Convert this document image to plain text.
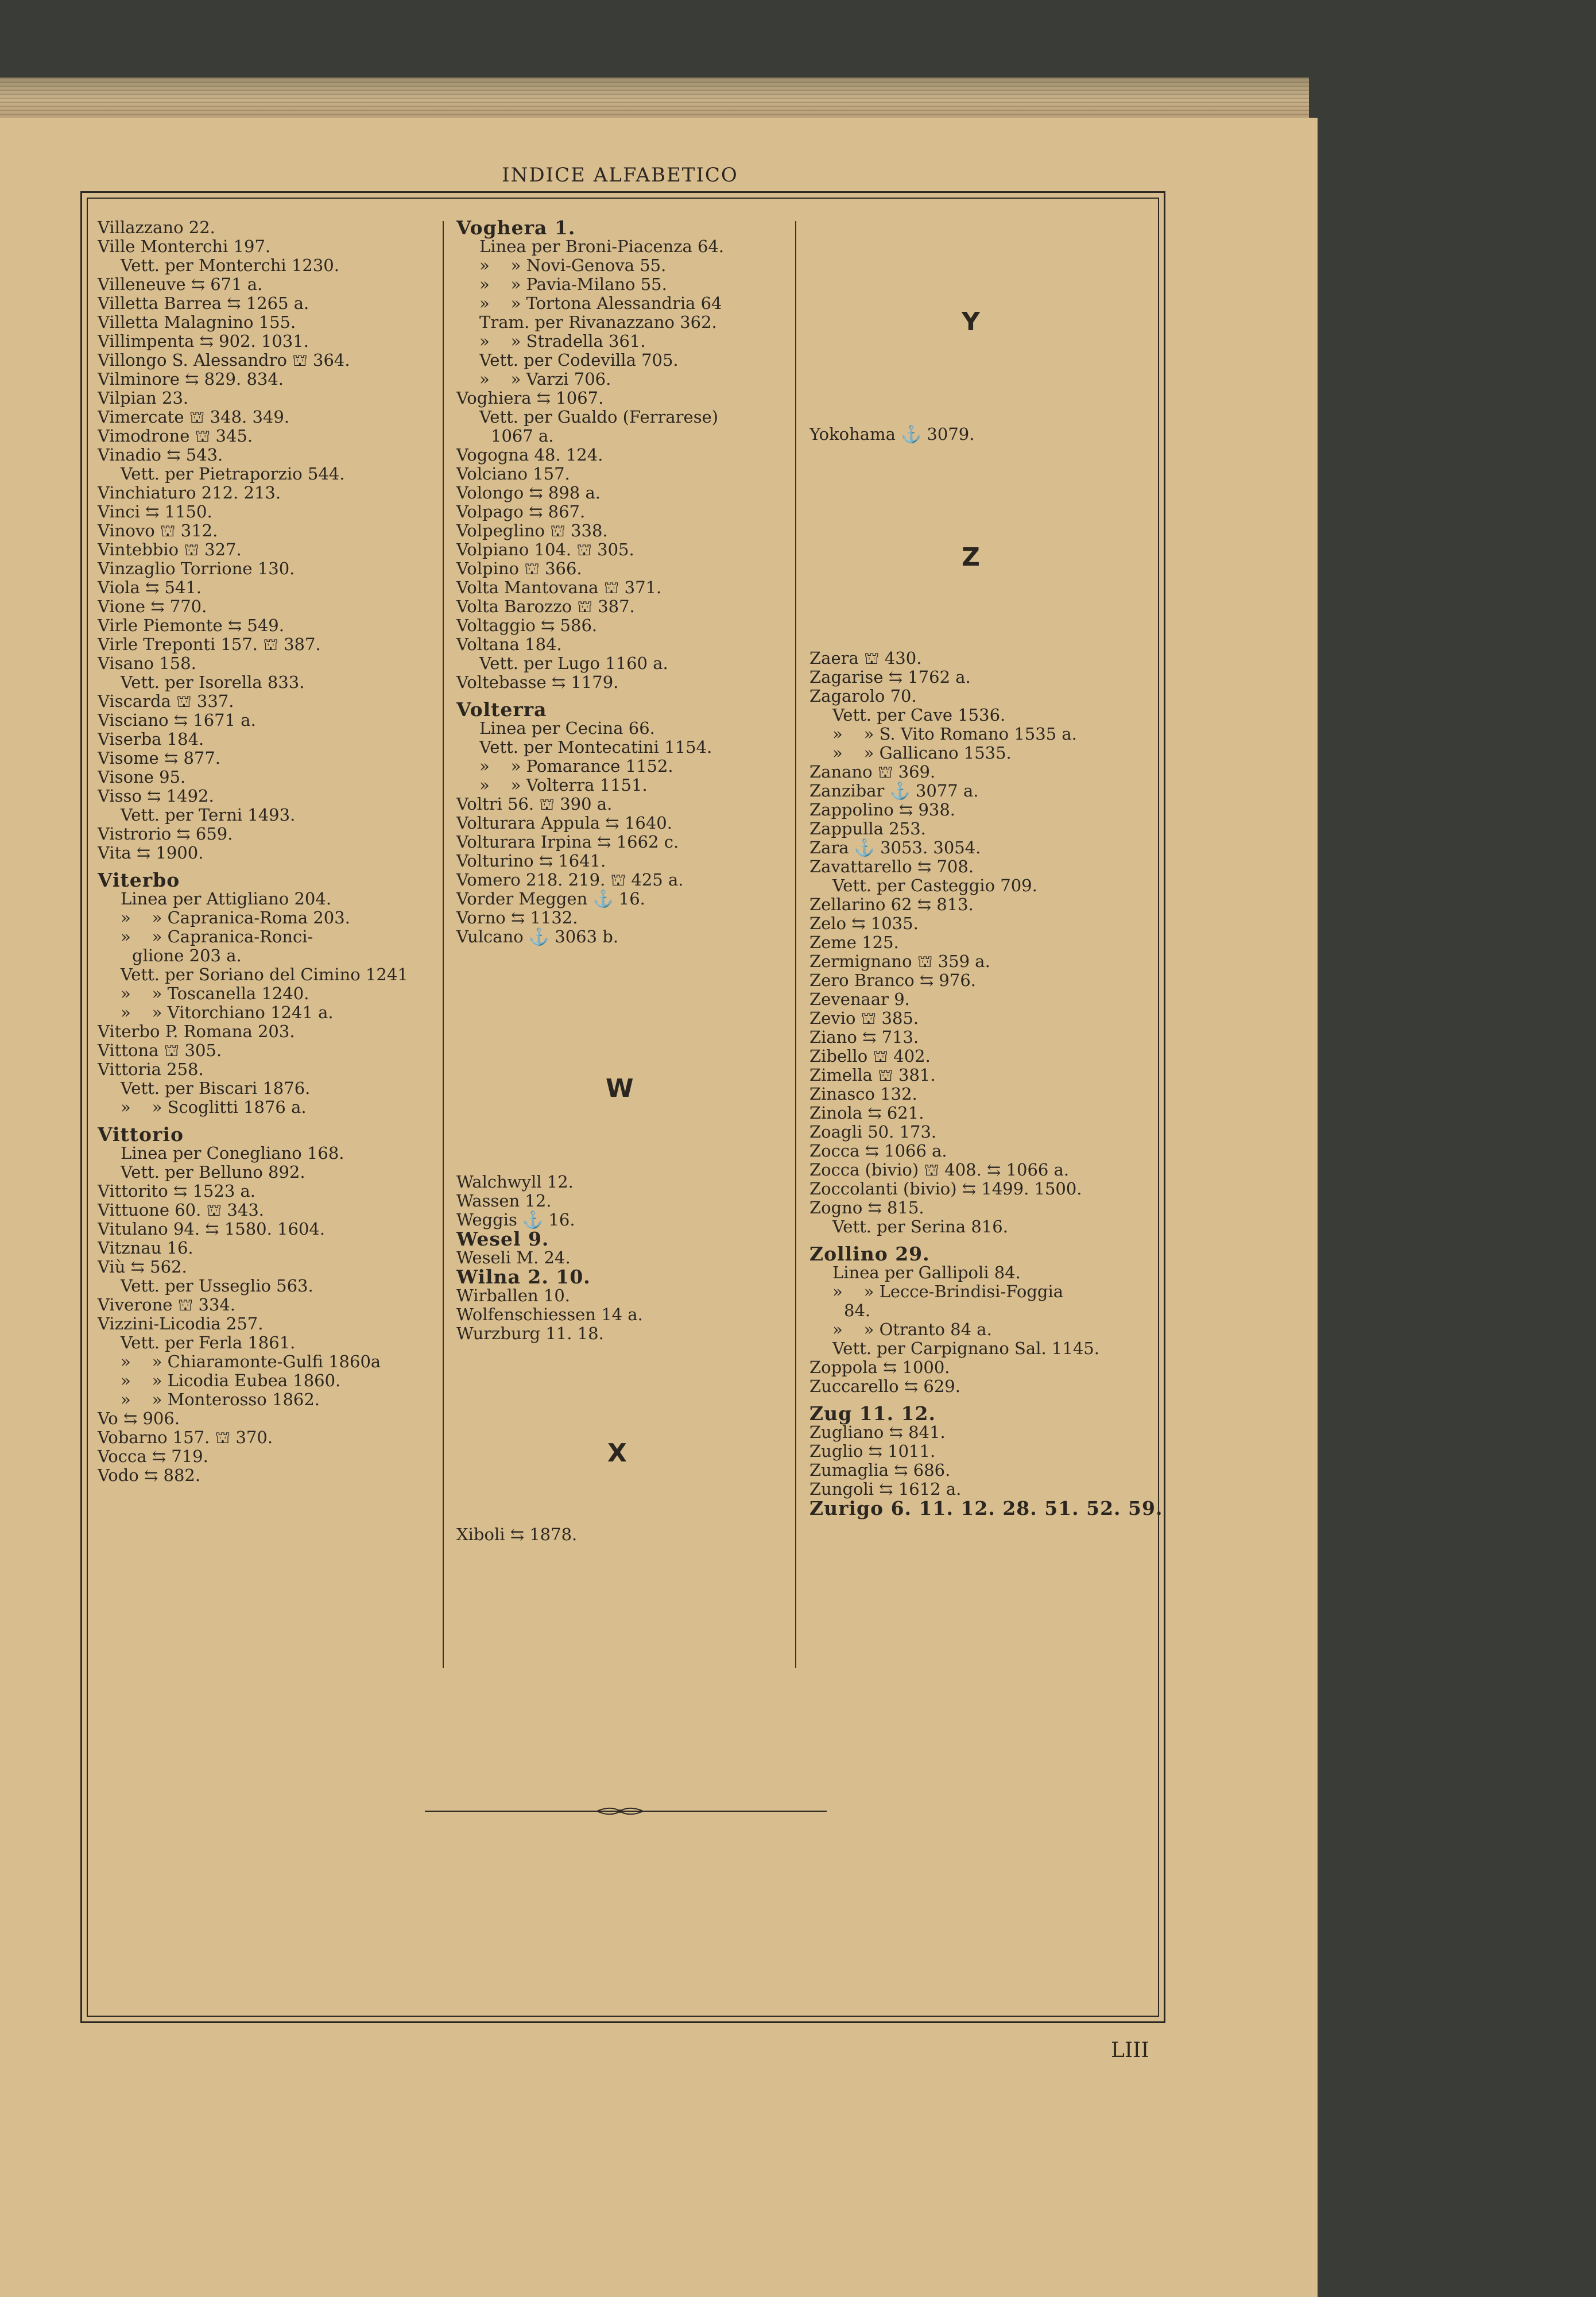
INDICE ALFABETICO
Villazzano 22.
Ville Monterchi 197.
Vett. per Monterchi 1230.
Villeneuve ⇆ 671 a.
Villetta Barrea ⇆ 1265 a.
Villetta Malagnino 155.
Villimpenta ⇆ 902. 1031.
Villongo S. Alessandro ⛫ 364.
Vilminore ⇆ 829. 834.
Vilpian 23.
Vimercate ⛫ 348. 349.
Vimodrone ⛫ 345.
Vinadio ⇆ 543.
Vett. per Pietraporzio 544.
Vinchiaturo 212. 213.
Vinci ⇆ 1150.
Vinovo ⛫ 312.
Vintebbio ⛫ 327.
Vinzaglio Torrione 130.
Viola ⇆ 541.
Vione ⇆ 770.
Virle Piemonte ⇆ 549.
Virle Treponti 157. ⛫ 387.
Visano 158.
Vett. per Isorella 833.
Viscarda ⛫ 337.
Visciano ⇆ 1671 a.
Viserba 184.
Visome ⇆ 877.
Visone 95.
Visso ⇆ 1492.
Vett. per Terni 1493.
Vistrorio ⇆ 659.
Vita ⇆ 1900.
Viterbo
Linea per Attigliano 204.
»    » Capranica-Roma 203.
»    » Capranica-Ronci-
glione 203 a.
Vett. per Soriano del Cimino 1241
»    » Toscanella 1240.
»    » Vitorchiano 1241 a.
Viterbo P. Romana 203.
Vittona ⛫ 305.
Vittoria 258.
Vett. per Biscari 1876.
»    » Scoglitti 1876 a.
Vittorio
Linea per Conegliano 168.
Vett. per Belluno 892.
Vittorito ⇆ 1523 a.
Vittuone 60. ⛫ 343.
Vitulano 94. ⇆ 1580. 1604.
Vitznau 16.
Viù ⇆ 562.
Vett. per Usseglio 563.
Viverone ⛫ 334.
Vizzini-Licodia 257.
Vett. per Ferla 1861.
»    » Chiaramonte-Gulfi 1860a
»    » Licodia Eubea 1860.
»    » Monterosso 1862.
Vo ⇆ 906.
Vobarno 157. ⛫ 370.
Vocca ⇆ 719.
Vodo ⇆ 882.
Voghera 1.
Linea per Broni-Piacenza 64.
»    » Novi-Genova 55.
»    » Pavia-Milano 55.
»    » Tortona Alessandria 64
Tram. per Rivanazzano 362.
»    » Stradella 361.
Vett. per Codevilla 705.
»    » Varzi 706.
Voghiera ⇆ 1067.
Vett. per Gualdo (Ferrarese)
1067 a.
Vogogna 48. 124.
Volciano 157.
Volongo ⇆ 898 a.
Volpago ⇆ 867.
Volpeglino ⛫ 338.
Volpiano 104. ⛫ 305.
Volpino ⛫ 366.
Volta Mantovana ⛫ 371.
Volta Barozzo ⛫ 387.
Voltaggio ⇆ 586.
Voltana 184.
Vett. per Lugo 1160 a.
Voltebasse ⇆ 1179.
Volterra
Linea per Cecina 66.
Vett. per Montecatini 1154.
»    » Pomarance 1152.
»    » Volterra 1151.
Voltri 56. ⛫ 390 a.
Volturara Appula ⇆ 1640.
Volturara Irpina ⇆ 1662 c.
Volturino ⇆ 1641.
Vomero 218. 219. ⛫ 425 a.
Vorder Meggen ⚓ 16.
Vorno ⇆ 1132.
Vulcano ⚓ 3063 b.
W
Walchwyll 12.
Wassen 12.
Weggis ⚓ 16.
Wesel 9.
Weseli M. 24.
Wilna 2. 10.
Wirballen 10.
Wolfenschiessen 14 a.
Wurzburg 11. 18.
X
Xiboli ⇆ 1878.
Y
Yokohama ⚓ 3079.
Z
Zaera ⛫ 430.
Zagarise ⇆ 1762 a.
Zagarolo 70.
Vett. per Cave 1536.
»    » S. Vito Romano 1535 a.
»    » Gallicano 1535.
Zanano ⛫ 369.
Zanzibar ⚓ 3077 a.
Zappolino ⇆ 938.
Zappulla 253.
Zara ⚓ 3053. 3054.
Zavattarello ⇆ 708.
Vett. per Casteggio 709.
Zellarino 62 ⇆ 813.
Zelo ⇆ 1035.
Zeme 125.
Zermignano ⛫ 359 a.
Zero Branco ⇆ 976.
Zevenaar 9.
Zevio ⛫ 385.
Ziano ⇆ 713.
Zibello ⛫ 402.
Zimella ⛫ 381.
Zinasco 132.
Zinola ⇆ 621.
Zoagli 50. 173.
Zocca ⇆ 1066 a.
Zocca (bivio) ⛫ 408. ⇆ 1066 a.
Zoccolanti (bivio) ⇆ 1499. 1500.
Zogno ⇆ 815.
Vett. per Serina 816.
Zollino 29.
Linea per Gallipoli 84.
»    » Lecce-Brindisi-Foggia
84.
»    » Otranto 84 a.
Vett. per Carpignano Sal. 1145.
Zoppola ⇆ 1000.
Zuccarello ⇆ 629.
Zug 11. 12.
Zugliano ⇆ 841.
Zuglio ⇆ 1011.
Zumaglia ⇆ 686.
Zungoli ⇆ 1612 a.
Zurigo 6. 11. 12. 28. 51. 52. 59.
LIII
